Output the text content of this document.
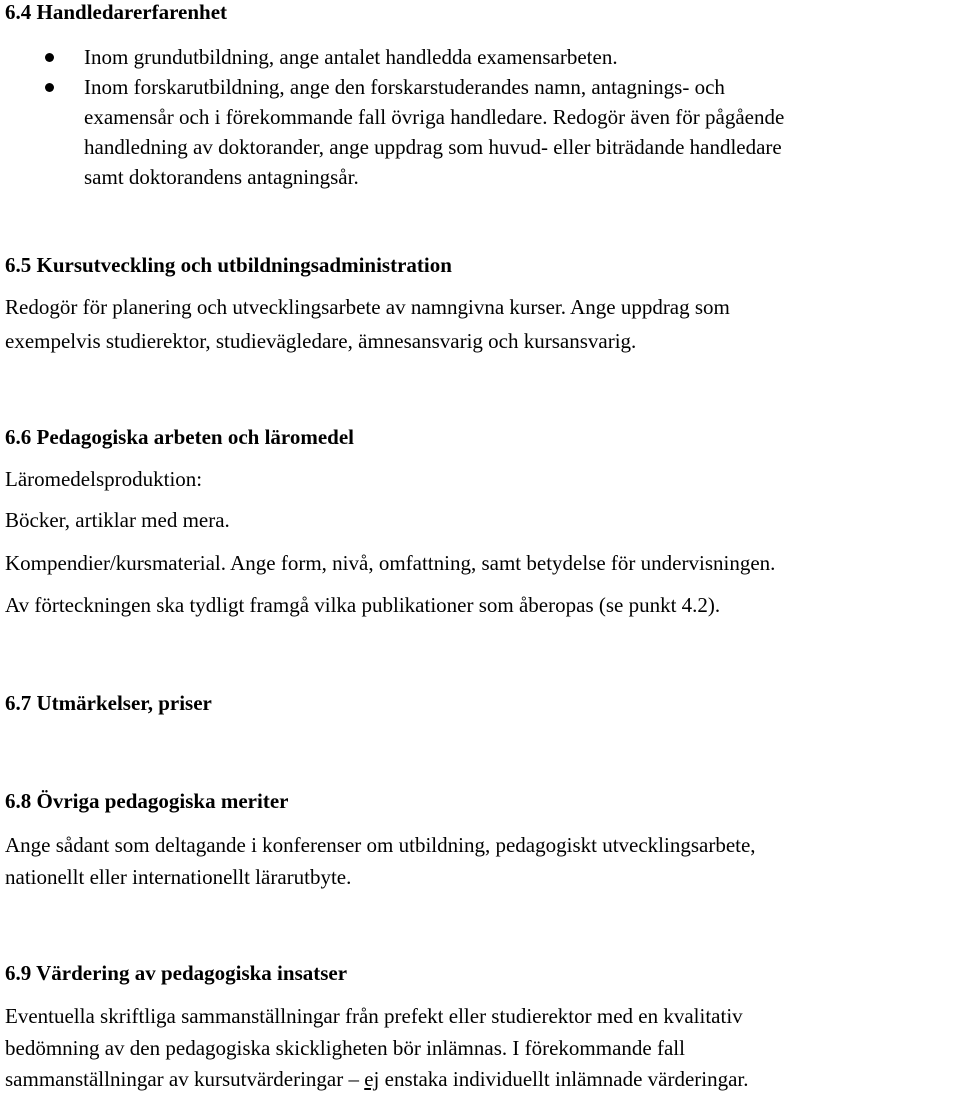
6.4 Handledarerfarenhet
Inom grundutbildning, ange antalet handledda examensarbeten.
Inom forskarutbildning, ange den forskarstuderandes namn, antagnings- och
examensår och i förekommande fall övriga handledare. Redogör även för pågående
handledning av doktorander, ange uppdrag som huvud- eller biträdande handledare
samt doktorandens antagningsår.
6.5 Kursutveckling och utbildningsadministration

Redogör för planering och utvecklingsarbete av namngivna kurser. Ange uppdrag som

exempelvis studierektor, studievägledare, ämnesansvarig och kursansvarig.

6.6 Pedagogiska arbeten och läromedel

Läromedelsproduktion:

Böcker, artiklar med mera.

Kompendier/kursmaterial. Ange form, nivå, omfattning, samt betydelse för undervisningen.

Av förteckningen ska tydligt framgå vilka publikationer som åberopas (se punkt 4.2).

6.7 Utmärkelser, priser
6.8 Övriga pedagogiska meriter

Ange sådant som deltagande i konferenser om utbildning, pedagogiskt utvecklingsarbete,

nationellt eller internationellt lärarutbyte.

6.9 Värdering av pedagogiska insatser

Eventuella skriftliga sammanställningar från prefekt eller studierektor med en kvalitativ

bedömning av den pedagogiska skickligheten bör inlämnas. I förekommande fall

sammanställningar av kursutvärderingar – ej enstaka individuellt inlämnade värderingar.
